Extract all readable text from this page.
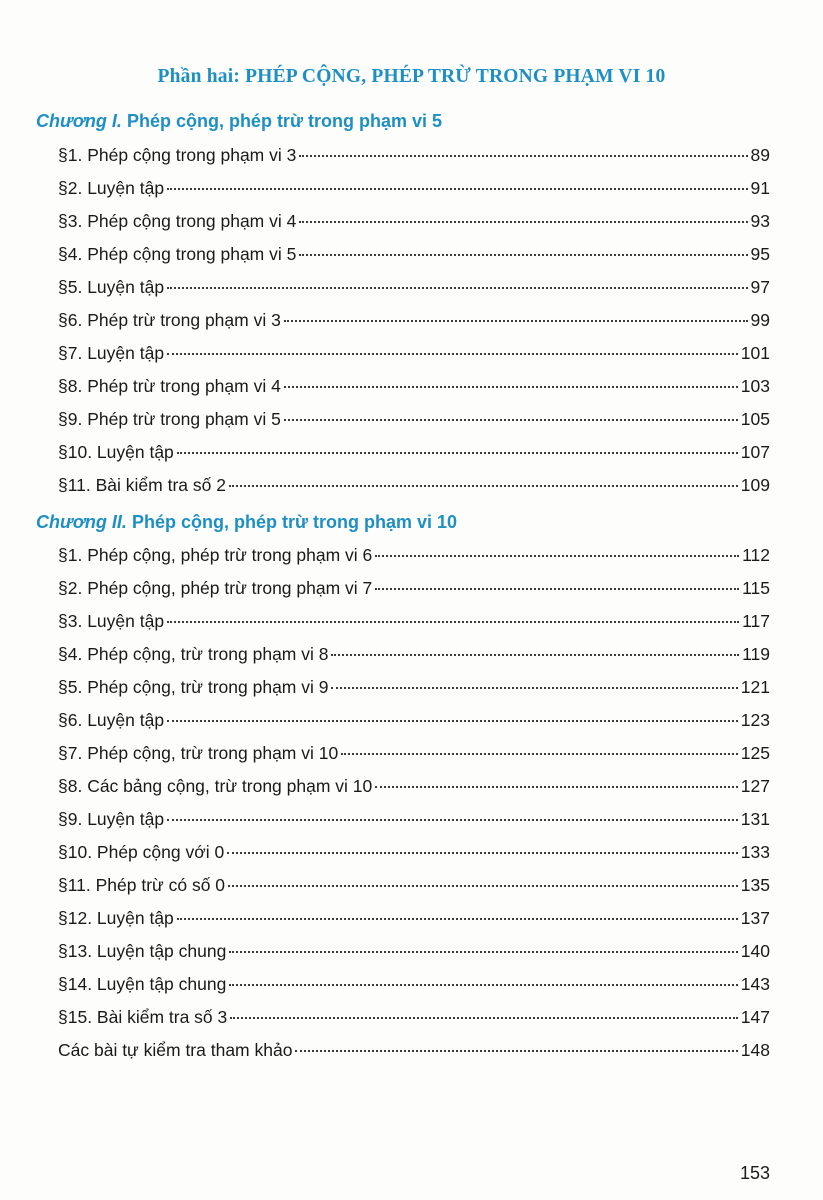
Phần hai: PHÉP CỘNG, PHÉP TRỪ TRONG PHẠM VI 10
Chương I. Phép cộng, phép trừ trong phạm vi 5
§1. Phép cộng trong phạm vi 3	89
§2. Luyện tập	91
§3. Phép cộng trong phạm vi 4	93
§4. Phép cộng trong phạm vi 5	95
§5. Luyện tập	97
§6. Phép trừ trong phạm vi 3	99
§7. Luyện tập	101
§8. Phép trừ trong phạm vi 4	103
§9. Phép trừ trong phạm vi 5	105
§10. Luyện tập	107
§11. Bài kiểm tra số 2	109
Chương II. Phép cộng, phép trừ trong phạm vi 10
§1. Phép cộng, phép trừ trong phạm vi 6	112
§2. Phép cộng, phép trừ trong phạm vi 7	115
§3. Luyện tập	117
§4. Phép cộng, trừ trong phạm vi 8	119
§5. Phép cộng, trừ trong phạm vi 9	121
§6. Luyện tập	123
§7. Phép cộng, trừ trong phạm vi 10	125
§8. Các bảng cộng, trừ trong phạm vi 10	127
§9. Luyện tập	131
§10. Phép cộng với 0	133
§11. Phép trừ có số 0	135
§12. Luyện tập	137
§13. Luyện tập chung	140
§14. Luyện tập chung	143
§15. Bài kiểm tra số 3	147
Các bài tự kiểm tra tham khảo	148
153
